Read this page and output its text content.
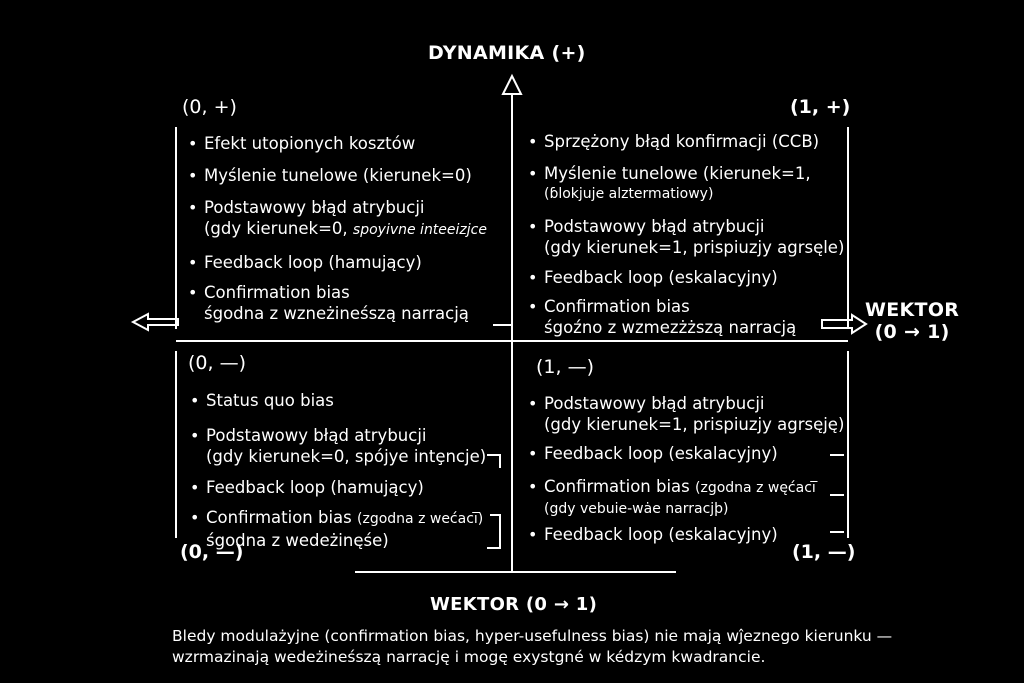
DYNAMIKA (+)
WEKTOR
(0 → 1)
WEKTOR (0 → 1)
(0, +)	(1, +)
(0, —)	(1, —)
(0, —)	(1, —)
• Efekt utopionych kosztów
• Myślenie tunelowe (kierunek=0)
• Podstawowy błąd atrybucji
(gdy kierunek=0, spoyivne inteeizjce
• Feedback loop (hamujący)
• Confirmation bias
śgodna z wzneżineśszą narracją
• Sprzężony błąd konfirmacji (CCB)
• Myślenie tunelowe (kierunek=1,
(ɓlokjuje alztermatiowy)
• Podstawowy błąd atrybucji
(gdy kierunek=1, prispiuzjy agrsęle)
• Feedback loop (eskalacyjny)
• Confirmation bias
śgoźno z wzmezżższą narracją
• Status quo bias
• Podstawowy błąd atrybucji
(gdy kierunek=0, spójye intȩncje)
• Feedback loop (hamujący)
• Confirmation bias (zgodna z wećaci̅)
śgodna z wedeżinęśe)
• Podstawowy błąd atrybucji
(gdy kierunek=1, prispiuzjy agrsęję)
• Feedback loop (eskalacyjny)
• Confirmation bias (zgodna z węćaci̅
(gdy vebuie-wȧe narracjþ)
• Feedback loop (eskalacyjny)
Bledy modulażyjne (confirmation bias, hyper-usefulness bias) nie mają wĵeznego kierunku —
wzrmazinają wedeżineśszą narrację i mogę exystgné w kédzym kwadrancie.
